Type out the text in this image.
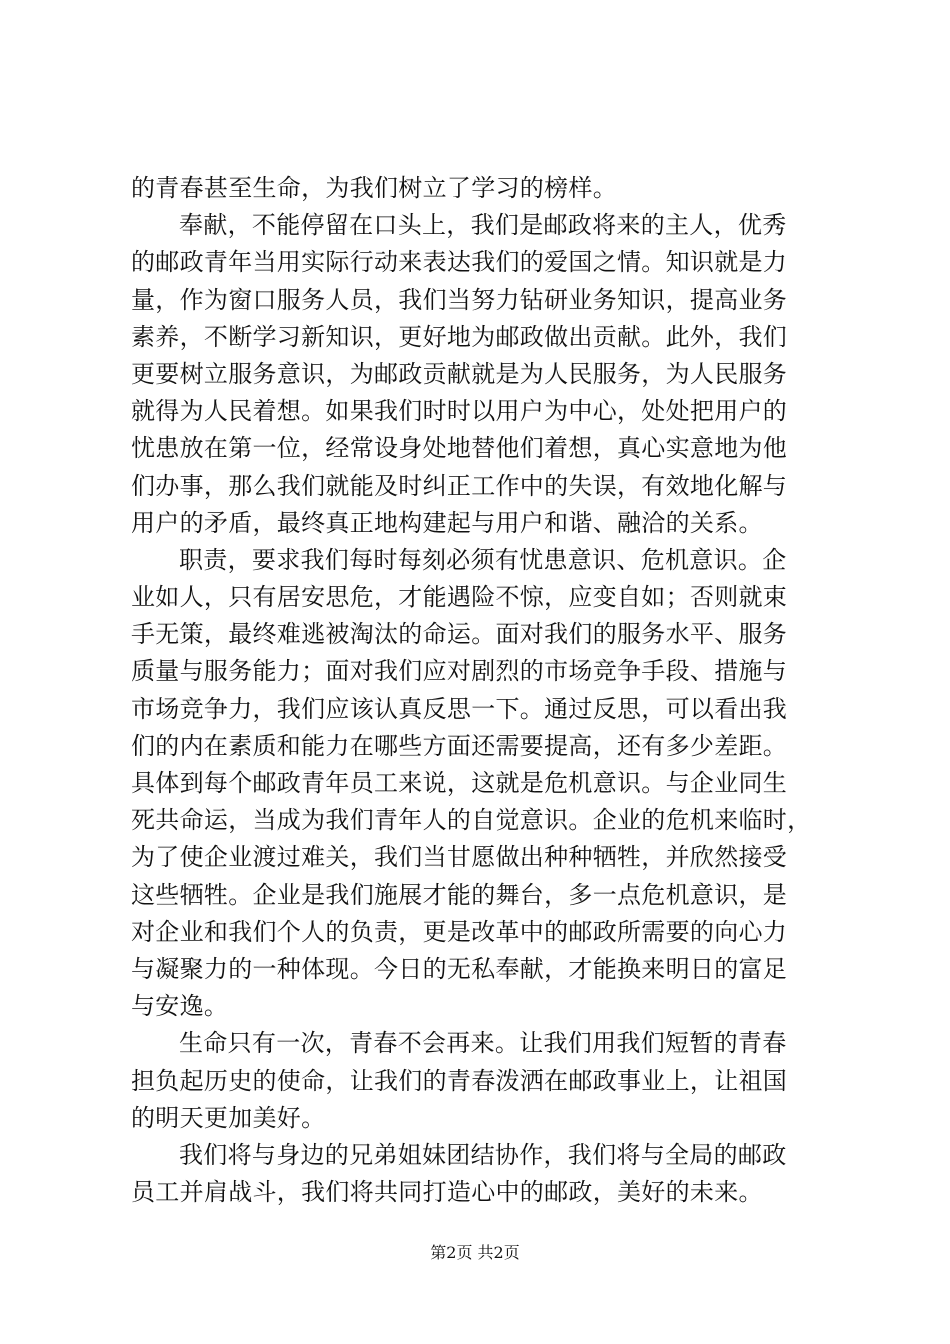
的青春甚至生命，为我们树立了学习的榜样。
奉献，不能停留在口头上，我们是邮政将来的主人，优秀
的邮政青年当用实际行动来表达我们的爱国之情。知识就是力
量，作为窗口服务人员，我们当努力钻研业务知识，提高业务
素养，不断学习新知识，更好地为邮政做出贡献。此外，我们
更要树立服务意识，为邮政贡献就是为人民服务，为人民服务
就得为人民着想。如果我们时时以用户为中心，处处把用户的
忧患放在第一位，经常设身处地替他们着想，真心实意地为他
们办事，那么我们就能及时纠正工作中的失误，有效地化解与
用户的矛盾，最终真正地构建起与用户和谐、融洽的关系。
职责，要求我们每时每刻必须有忧患意识、危机意识。企
业如人，只有居安思危，才能遇险不惊，应变自如；否则就束
手无策，最终难逃被淘汰的命运。面对我们的服务水平、服务
质量与服务能力；面对我们应对剧烈的市场竞争手段、措施与
市场竞争力，我们应该认真反思一下。通过反思，可以看出我
们的内在素质和能力在哪些方面还需要提高，还有多少差距。
具体到每个邮政青年员工来说，这就是危机意识。与企业同生
死共命运，当成为我们青年人的自觉意识。企业的危机来临时，
为了使企业渡过难关，我们当甘愿做出种种牺牲，并欣然接受
这些牺牲。企业是我们施展才能的舞台，多一点危机意识，是
对企业和我们个人的负责，更是改革中的邮政所需要的向心力
与凝聚力的一种体现。今日的无私奉献，才能换来明日的富足
与安逸。
生命只有一次，青春不会再来。让我们用我们短暂的青春
担负起历史的使命，让我们的青春泼洒在邮政事业上，让祖国
的明天更加美好。
我们将与身边的兄弟姐妹团结协作，我们将与全局的邮政
员工并肩战斗，我们将共同打造心中的邮政，美好的未来。
第2页 共2页
